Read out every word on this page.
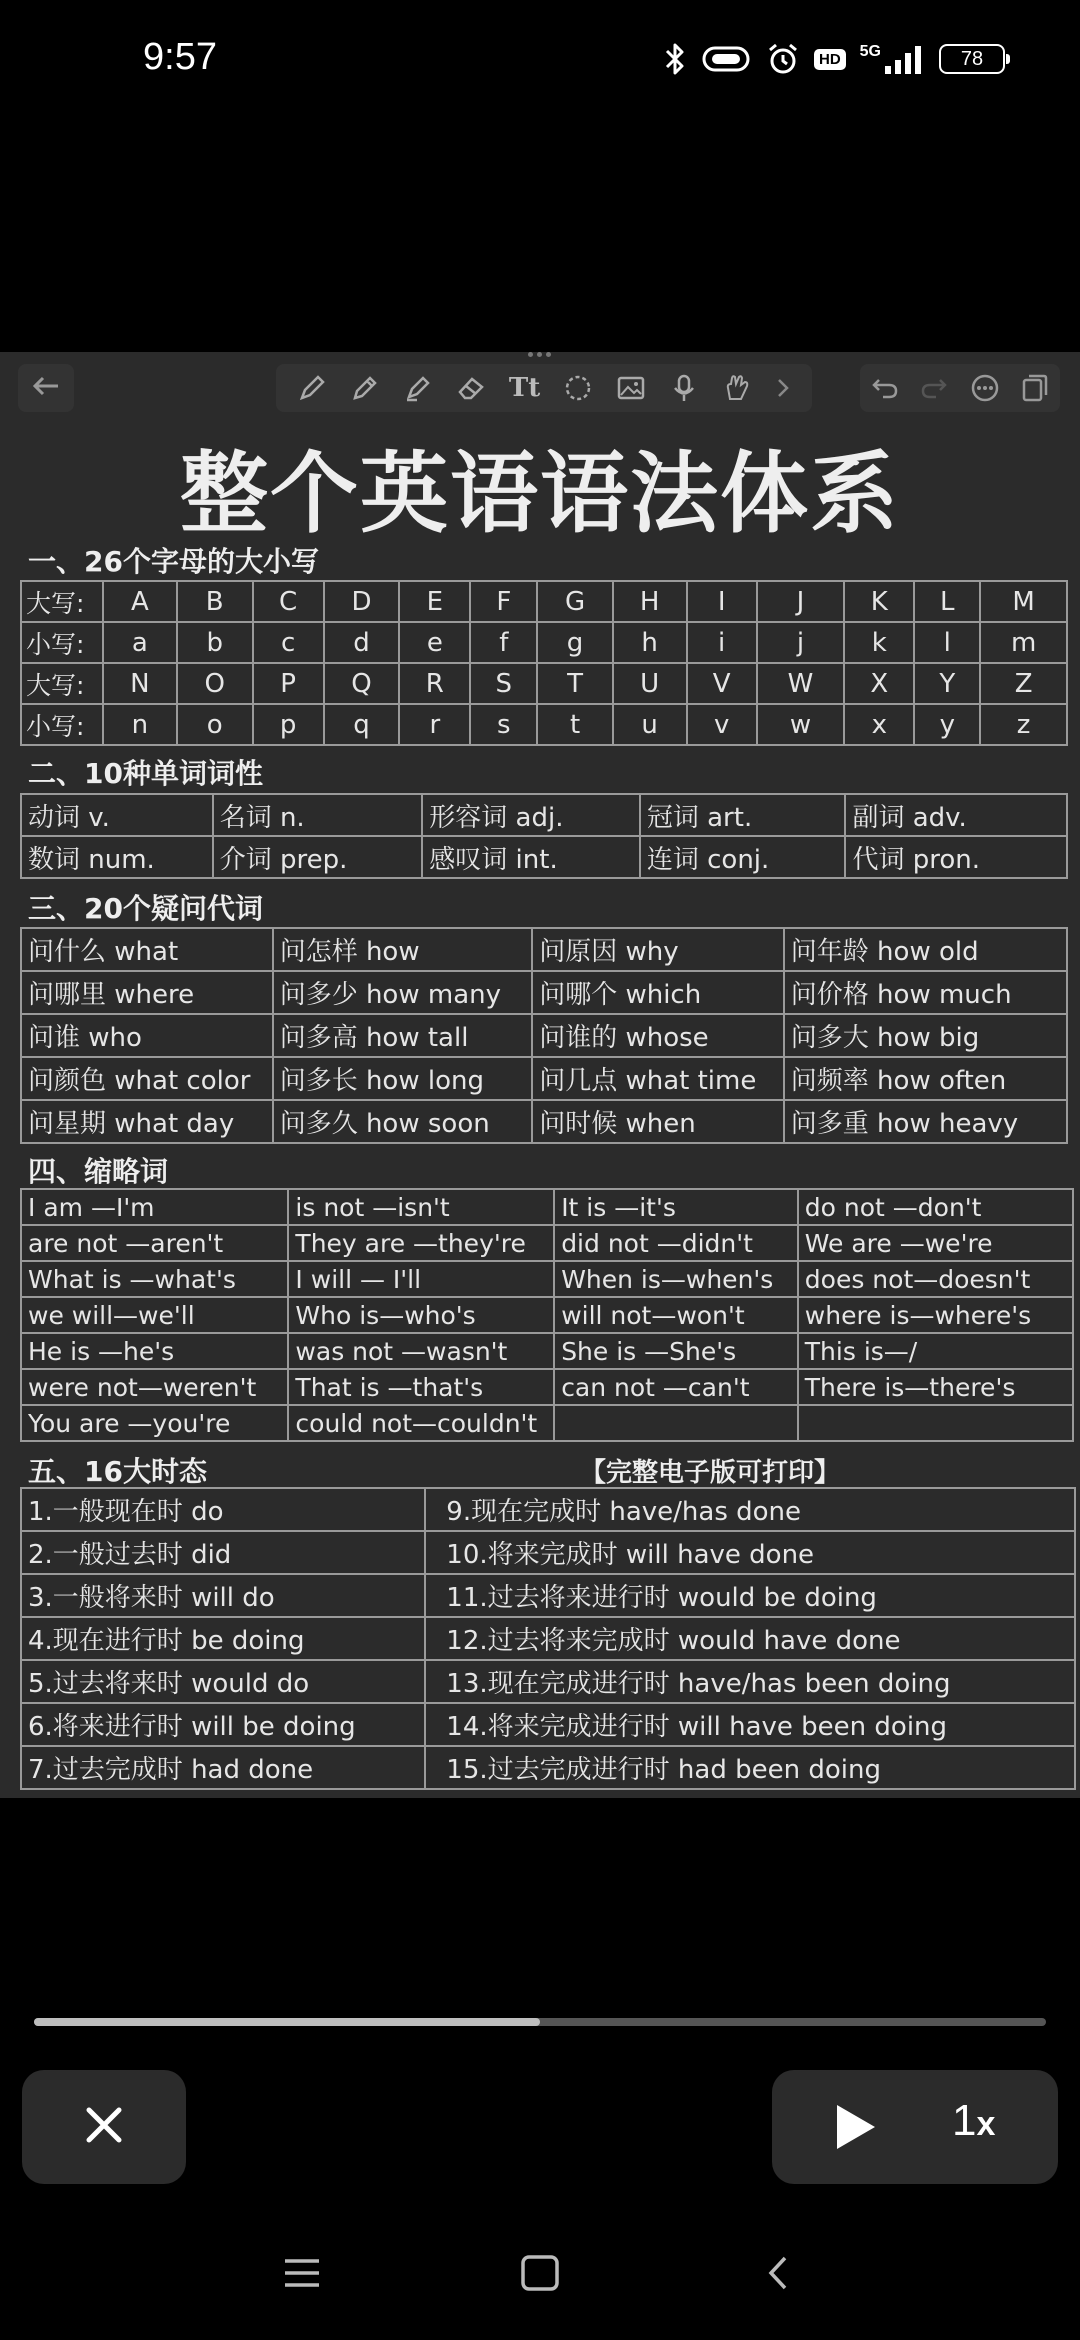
9:57	HD	5G	78
Tt
整个英语语法体系
一、26个字母的大小写
大写:	A	B	C	D	E	F	G	H	I	J	K	L	M
小写:	a	b	c	d	e	f	g	h	i	j	k	l	m
大写:	N	O	P	Q	R	S	T	U	V	W	X	Y	Z
小写:	n	o	p	q	r	s	t	u	v	w	x	y	z
二、10种单词词性
动词 v.	名词 n.	形容词 adj.	冠词 art.	副词 adv.
数词 num.	介词 prep.	感叹词 int.	连词 conj.	代词 pron.
三、20个疑问代词
问什么 what	问怎样 how	问原因 why	问年龄 how old
问哪里 where	问多少 how many	问哪个 which	问价格 how much
问谁 who	问多高 how tall	问谁的 whose	问多大 how big
问颜色 what color	问多长 how long	问几点 what time	问频率 how often
问星期 what day	问多久 how soon	问时候 when	问多重 how heavy
四、缩略词
I am —I'm	is not —isn't	It is —it's	do not —don't
are not —aren't	They are —they're	did not —didn't	We are —we're
What is —what's	I will — I'll	When is—when's	does not—doesn't
we will—we'll	Who is—who's	will not—won't	where is—where's
He is —he's	was not —wasn't	She is —She's	This is—/
were not—weren't	That is —that's	can not —can't	There is—there's
You are —you're	could not—couldn't		
五、16大时态	【完整电子版可打印】
1.一般现在时 do	9.现在完成时 have/has done
2.一般过去时 did	10.将来完成时 will have done
3.一般将来时 will do	11.过去将来进行时 would be doing
4.现在进行时 be doing	12.过去将来完成时 would have done
5.过去将来时 would do	13.现在完成进行时 have/has been doing
6.将来进行时 will be doing	14.将来完成进行时 will have been doing
7.过去完成时 had done	15.过去完成进行时 had been doing
1 x
